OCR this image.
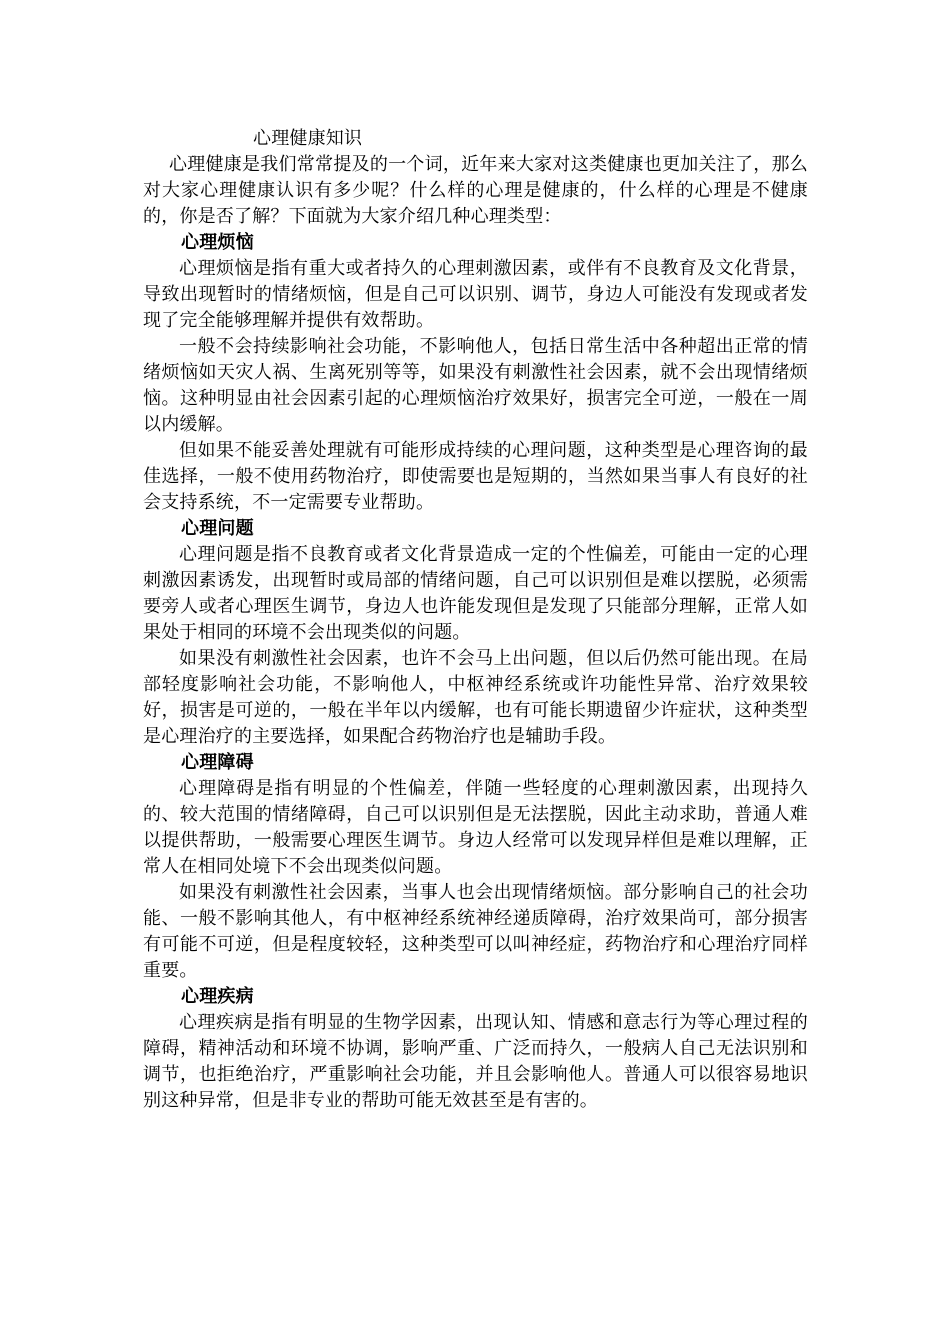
心理健康知识

心理健康是我们常常提及的一个词，近年来大家对这类健康也更加关注了，那么对大家心理健康认识有多少呢？什么样的心理是健康的，什么样的心理是不健康的，你是否了解？下面就为大家介绍几种心理类型：

心理烦恼

心理烦恼是指有重大或者持久的心理刺激因素，或伴有不良教育及文化背景，导致出现暂时的情绪烦恼，但是自己可以识别、调节，身边人可能没有发现或者发现了完全能够理解并提供有效帮助。

一般不会持续影响社会功能，不影响他人，包括日常生活中各种超出正常的情绪烦恼如天灾人祸、生离死别等等，如果没有刺激性社会因素，就不会出现情绪烦恼。这种明显由社会因素引起的心理烦恼治疗效果好，损害完全可逆，一般在一周以内缓解。

但如果不能妥善处理就有可能形成持续的心理问题，这种类型是心理咨询的最佳选择，一般不使用药物治疗，即使需要也是短期的，当然如果当事人有良好的社会支持系统，不一定需要专业帮助。

心理问题

心理问题是指不良教育或者文化背景造成一定的个性偏差，可能由一定的心理刺激因素诱发，出现暂时或局部的情绪问题，自己可以识别但是难以摆脱，必须需要旁人或者心理医生调节，身边人也许能发现但是发现了只能部分理解，正常人如果处于相同的环境不会出现类似的问题。

如果没有刺激性社会因素，也许不会马上出问题，但以后仍然可能出现。在局部轻度影响社会功能，不影响他人，中枢神经系统或许功能性异常、治疗效果较好，损害是可逆的，一般在半年以内缓解，也有可能长期遗留少许症状，这种类型是心理治疗的主要选择，如果配合药物治疗也是辅助手段。

心理障碍

心理障碍是指有明显的个性偏差，伴随一些轻度的心理刺激因素，出现持久的、较大范围的情绪障碍，自己可以识别但是无法摆脱，因此主动求助，普通人难以提供帮助，一般需要心理医生调节。身边人经常可以发现异样但是难以理解，正常人在相同处境下不会出现类似问题。

如果没有刺激性社会因素，当事人也会出现情绪烦恼。部分影响自己的社会功能、一般不影响其他人，有中枢神经系统神经递质障碍，治疗效果尚可，部分损害有可能不可逆，但是程度较轻，这种类型可以叫神经症，药物治疗和心理治疗同样重要。

心理疾病

心理疾病是指有明显的生物学因素，出现认知、情感和意志行为等心理过程的障碍，精神活动和环境不协调，影响严重、广泛而持久，一般病人自己无法识别和调节，也拒绝治疗，严重影响社会功能，并且会影响他人。普通人可以很容易地识别这种异常，但是非专业的帮助可能无效甚至是有害的。
